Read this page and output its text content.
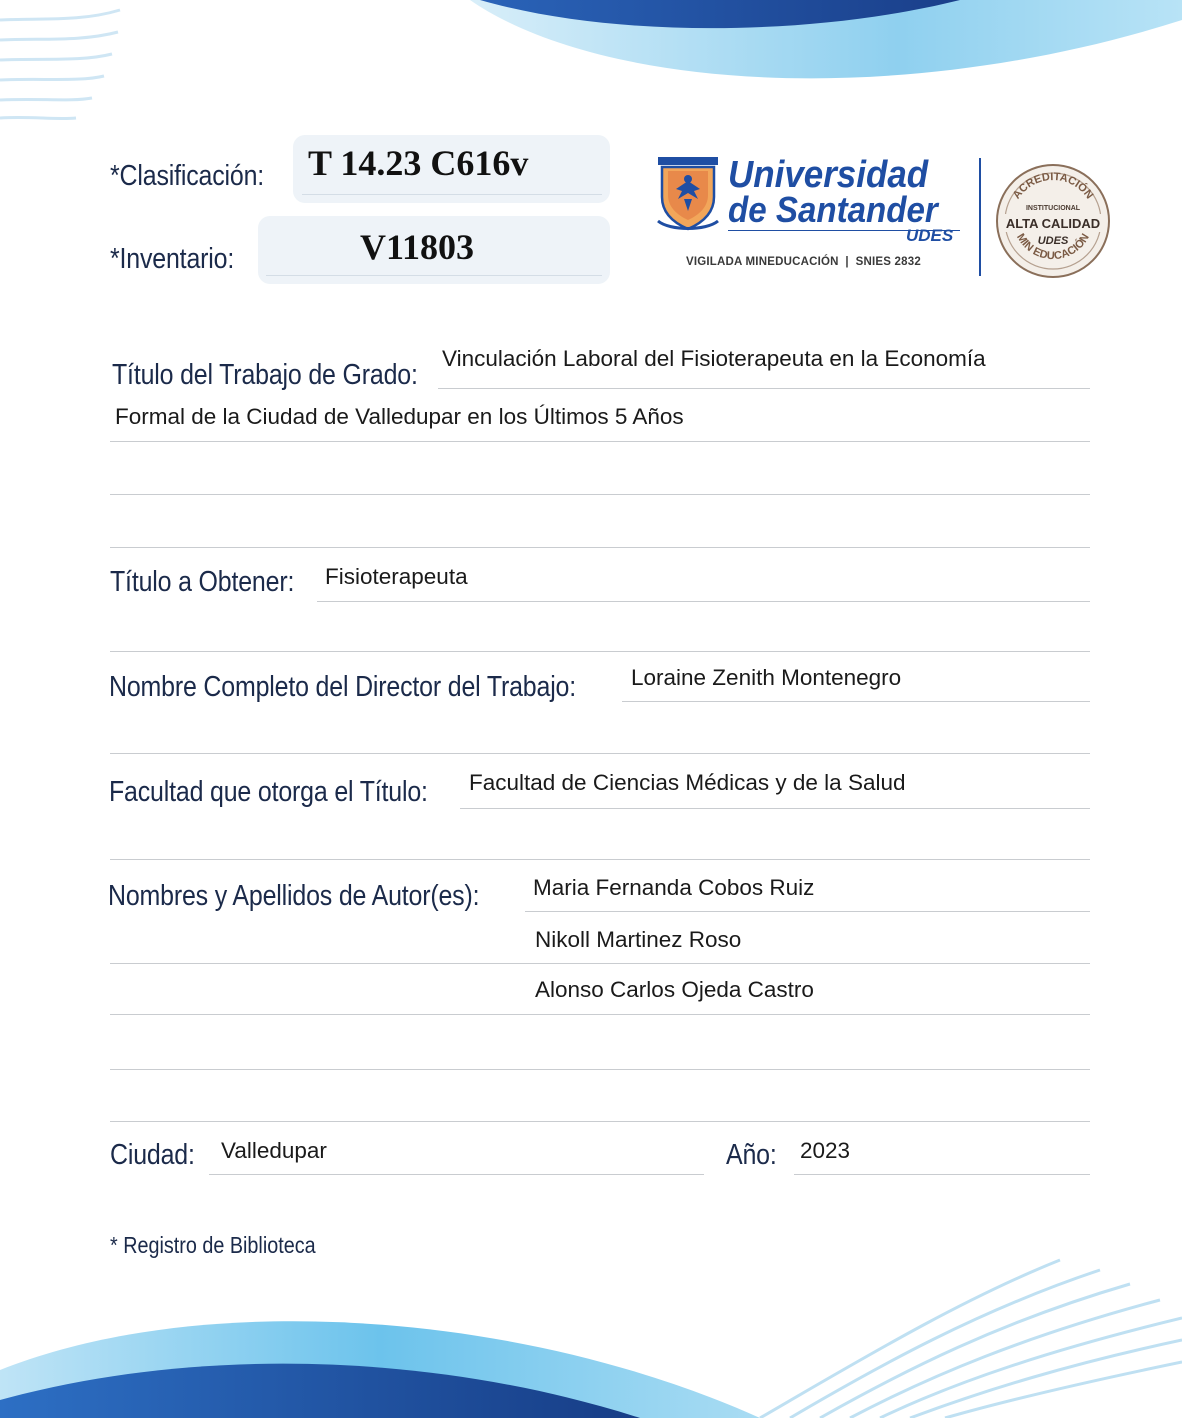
*Clasificación: T 14.23 C616v
*Inventario:	V11803
Universidad
de Santander
UDES
VIGILADA MINEDUCACIÓN  |  SNIES 2832
ACREDITACIÓN
MIN EDUCACIÓN
INSTITUCIONAL
ALTA CALIDAD
UDES
Título del Trabajo de Grado:
Vinculación Laboral del Fisioterapeuta en la Economía
Formal de la Ciudad de Valledupar en los Últimos 5 Años
Título a Obtener: Fisioterapeuta
Nombre Completo del Director del Trabajo: Loraine Zenith Montenegro
Facultad que otorga el Título: Facultad de Ciencias Médicas y de la Salud
Nombres y Apellidos de Autor(es): Maria Fernanda Cobos Ruiz
Nikoll Martinez Roso
Alonso Carlos Ojeda Castro
Ciudad: Valledupar	Año: 2023
* Registro de Biblioteca
